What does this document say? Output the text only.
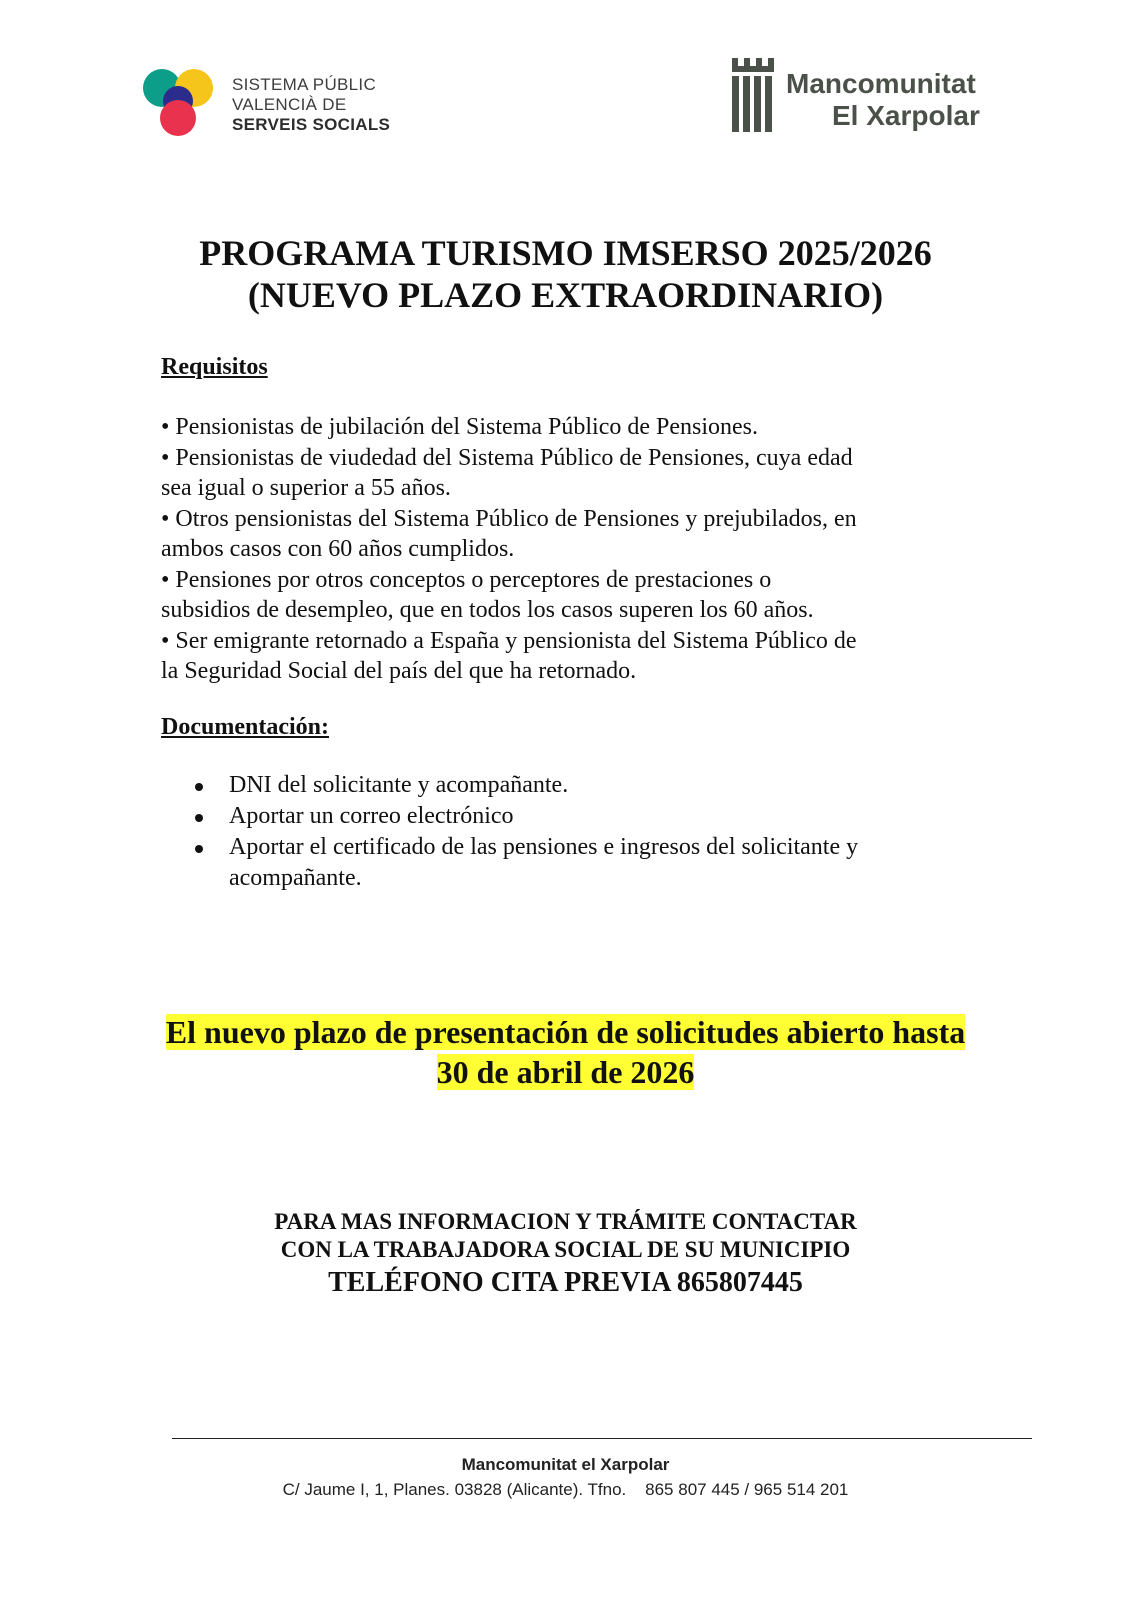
SISTEMA PÚBLIC
VALENCIÀ DE
SERVEIS SOCIALS
Mancomunitat
El Xarpolar
PROGRAMA TURISMO IMSERSO 2025/2026
(NUEVO PLAZO EXTRAORDINARIO)
Requisitos

• Pensionistas de jubilación del Sistema Público de Pensiones.

• Pensionistas de viudedad del Sistema Público de Pensiones, cuya edad

sea igual o superior a 55 años.

• Otros pensionistas del Sistema Público de Pensiones y prejubilados, en

ambos casos con 60 años cumplidos.

• Pensiones por otros conceptos o perceptores de prestaciones o

subsidios de desempleo, que en todos los casos superen los 60 años.

• Ser emigrante retornado a España y pensionista del Sistema Público de

la Seguridad Social del país del que ha retornado.

Documentación:
DNI del solicitante y acompañante.
Aportar un correo electrónico
Aportar el certificado de las pensiones e ingresos del solicitante y
acompañante.
El nuevo plazo de presentación de solicitudes abierto hasta
30 de abril de 2026
PARA MAS INFORMACION Y TRÁMITE CONTACTAR
CON LA TRABAJADORA SOCIAL DE SU MUNICIPIO
TELÉFONO CITA PREVIA 865807445
Mancomunitat el Xarpolar
C/ Jaume I, 1, Planes. 03828 (Alicante). Tfno.    865 807 445 / 965 514 201
